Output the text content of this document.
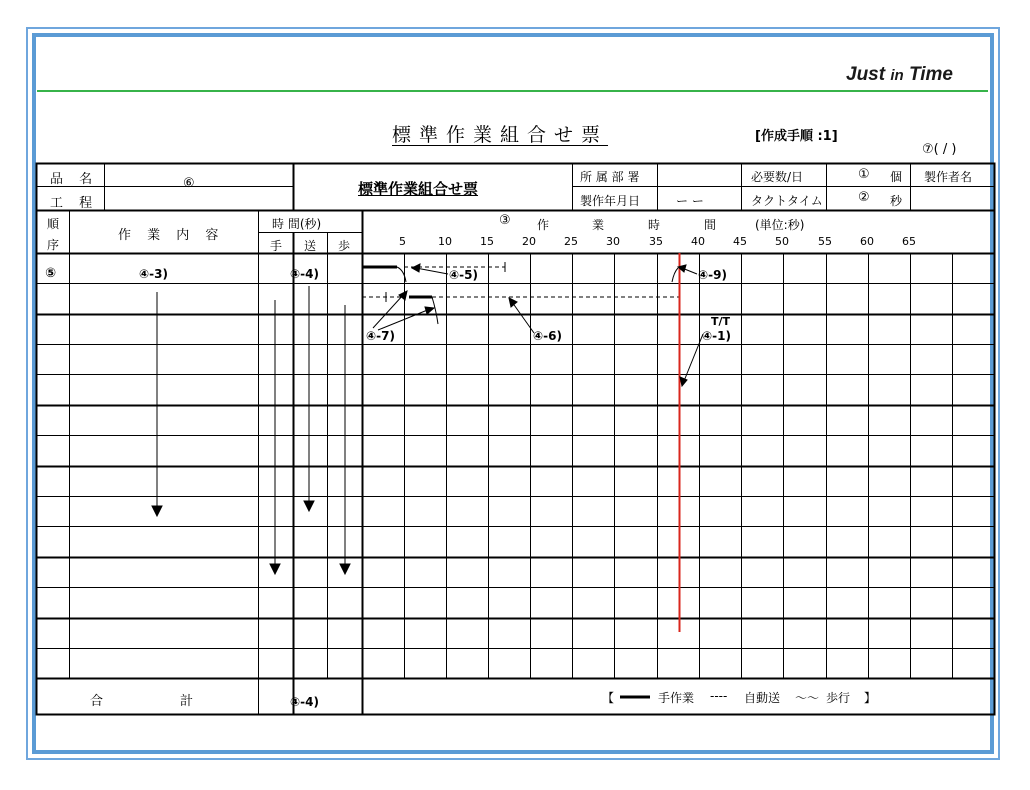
Just in Time
標準作業組合せ票	[作成手順 :1]
⑦( / )
品 名	⑥
工 程
標準作業組合せ票
所 属 部 署
製作年月日	ー ー
必要数/日	① 個
タクトタイム	② 秒
製作者名
順
序
作 業 内 容
時 間(秒)
手 送 歩
③ 作	業	時	間	(単位:秒)
5	10	15	20	25	30	35	40	45	50	55	60	65
⑤	④-3)	④-4)	④-5)	④-9)
④-7)	④-6)
T/T
④-1)
合	計	④-4)	【	手作業 ---- 自動送 〜〜 歩行 】
